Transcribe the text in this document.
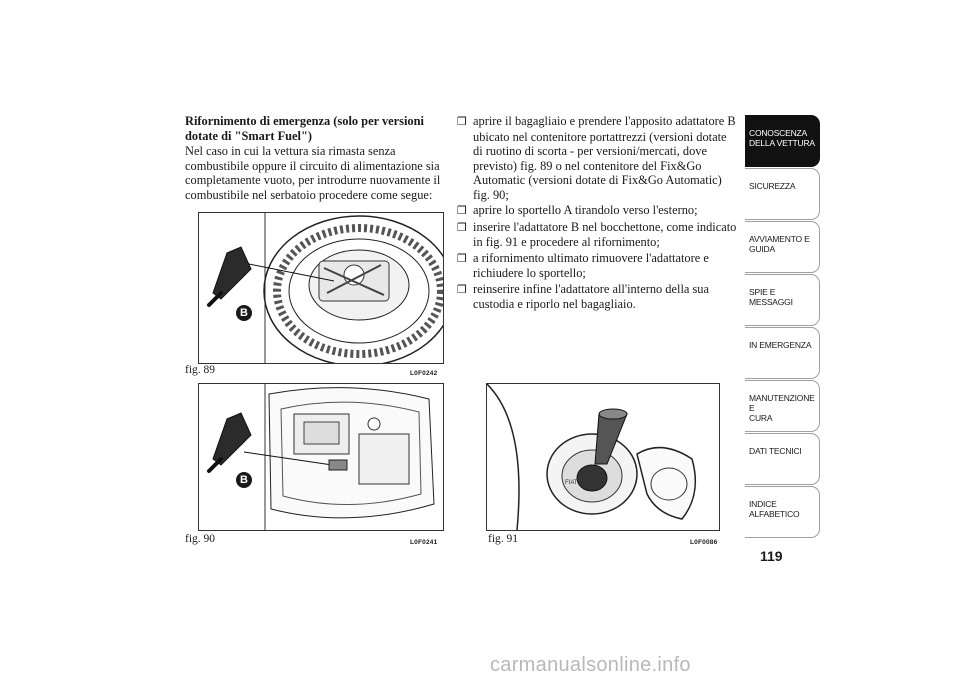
Rifornimento di emergenza (solo per versioni dotate di "Smart Fuel")

Nel caso in cui la vettura sia rimasta senza combustibile oppure il circuito di alimentazione sia completamente vuoto, per introdurre nuovamente il combustibile nel serbatoio procedere come segue:

❒ aprire il bagagliaio e prendere l'apposito adattatore B ubicato nel contenitore portattrezzi (versioni dotate di ruotino di scorta - per versioni/mercati, dove previsto) fig. 89 o nel contenitore del Fix&Go Automatic (versioni dotate di Fix&Go Automatic) fig. 90;
❒ aprire lo sportello A tirandolo verso l'esterno;
❒ inserire l'adattatore B nel bocchettone, come indicato in fig. 91 e procedere al rifornimento;
❒ a rifornimento ultimato rimuovere l'adattatore e richiudere lo sportello;
❒ reinserire infine l'adattatore all'interno della sua custodia e riporlo nel bagagliaio.
B
fig. 89	L0F0242
B
fig. 90	L0F0241
FIAT
fig. 91	L0F0086
CONOSCENZA
DELLA VETTURA
SICUREZZA
AVVIAMENTO E
GUIDA
SPIE E MESSAGGI
IN EMERGENZA
MANUTENZIONE E
CURA
DATI TECNICI
INDICE
ALFABETICO
119
carmanualsonline.info
